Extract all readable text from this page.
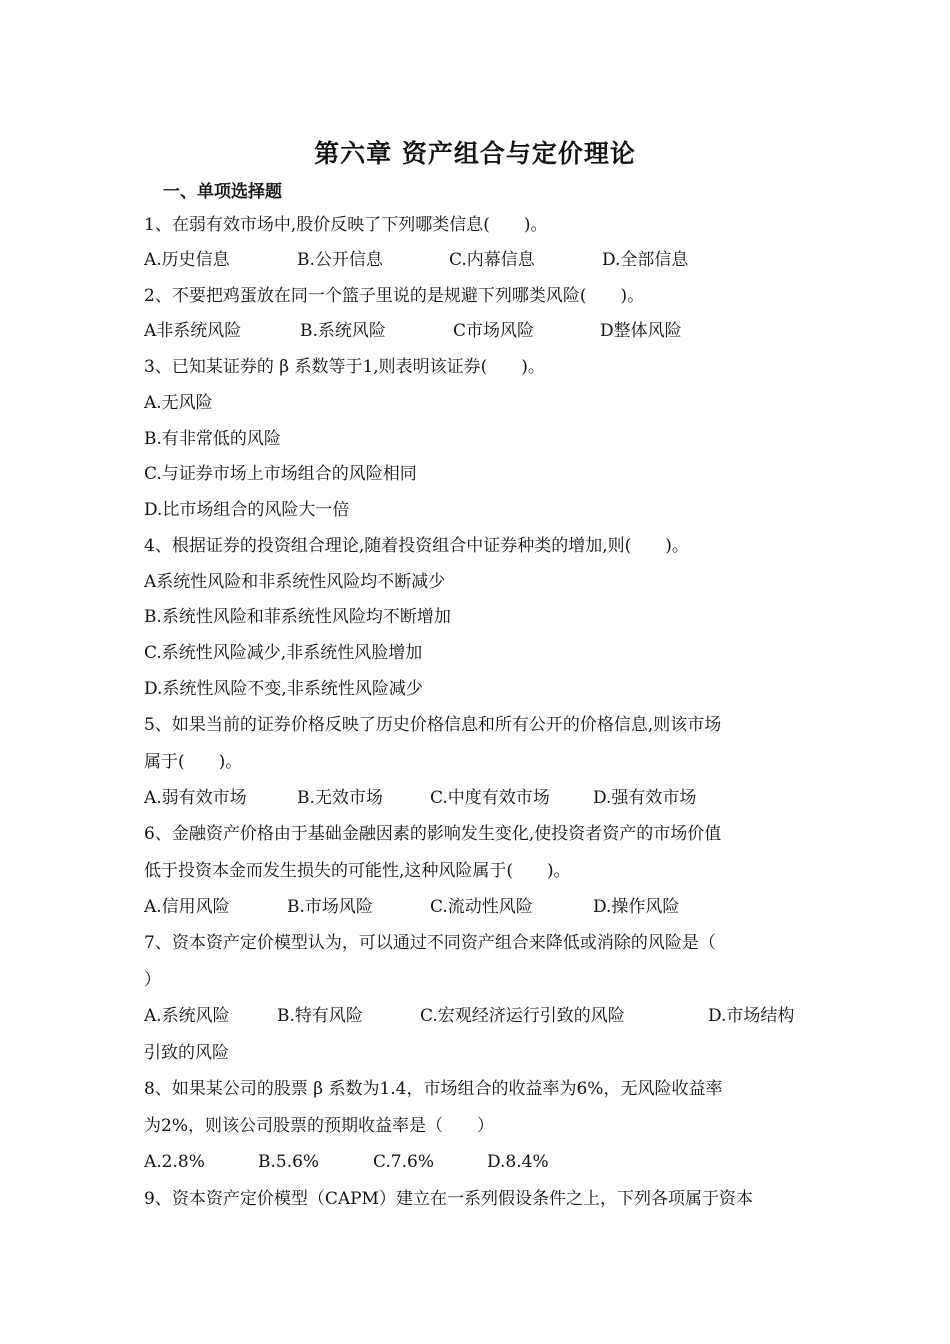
第六章 资产组合与定价理论
一、单项选择题
1、在弱有效市场中,股价反映了下列哪类信息(　　)。
A.历史信息	B.公开信息	C.内幕信息	D.全部信息
2、不要把鸡蛋放在同一个篮子里说的是规避下列哪类风险(　　)。
A非系统风险	B.系统风险	C市场风险	D整体风险
3、已知某证券的 β 系数等于1,则表明该证券(　　)。
A.无风险
B.有非常低的风险
C.与证券市场上市场组合的风险相同
D.比市场组合的风险大一倍
4、根据证券的投资组合理论,随着投资组合中证券种类的增加,则(　　)。
A系统性风险和非系统性风险均不断减少
B.系统性风险和菲系统性风险均不断增加
C.系统性风险减少,非系统性风脸增加
D.系统性风险不变,非系统性风险减少
5、如果当前的证券价格反映了历史价格信息和所有公开的价格信息,则该市场
属于(　　)。
A.弱有效市场	B.无效市场	C.中度有效市场	D.强有效市场
6、金融资产价格由于基础金融因素的影响发生变化,使投资者资产的市场价值
低于投资本金而发生损失的可能性,这种风险属于(　　)。
A.信用风险	B.市场风险	C.流动性风险	D.操作风险
7、资本资产定价模型认为，可以通过不同资产组合来降低或消除的风险是（
）
A.系统风险	B.特有风险	C.宏观经济运行引致的风险	D.市场结构
引致的风险
8、如果某公司的股票 β 系数为1.4，市场组合的收益率为6%，无风险收益率
为2%，则该公司股票的预期收益率是（　　）
A.2.8%	B.5.6%	C.7.6%	D.8.4%
9、资本资产定价模型（CAPM）建立在一系列假设条件之上，下列各项属于资本
